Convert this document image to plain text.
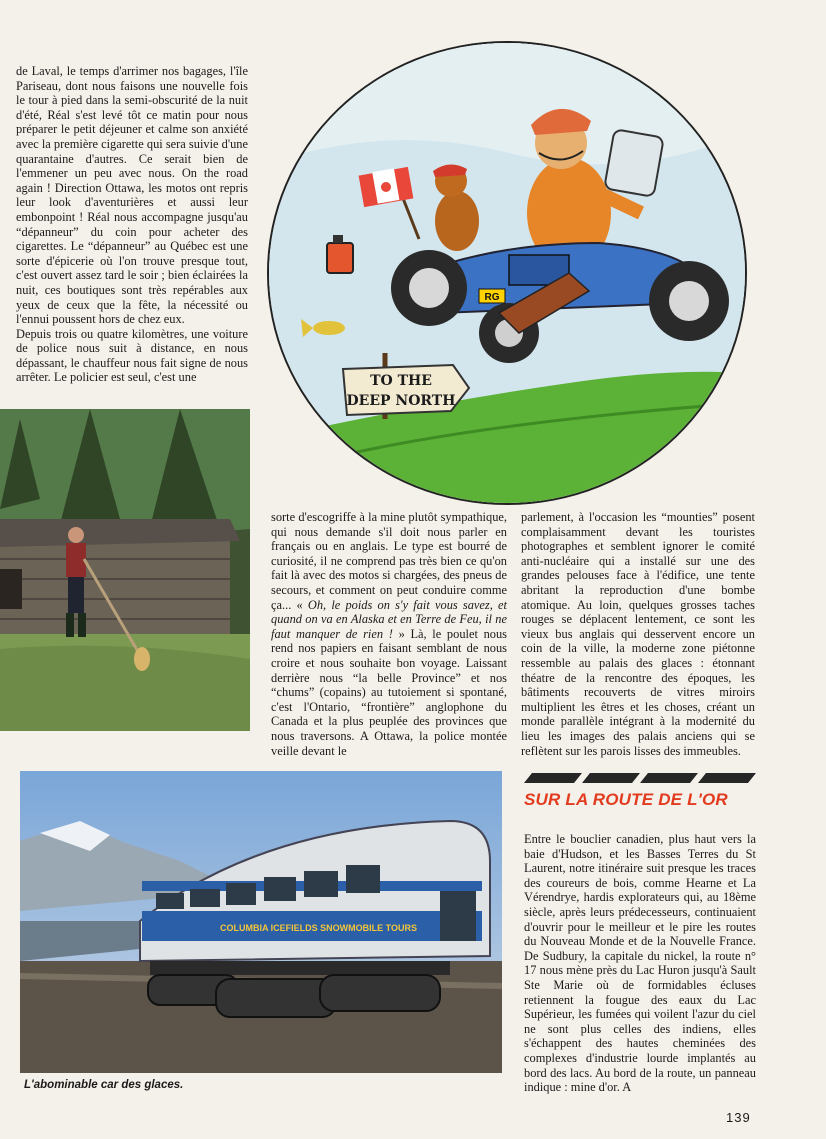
de Laval, le temps d'arrimer nos bagages, l'île Pariseau, dont nous faisons une nouvelle fois le tour à pied dans la semi-obscurité de la nuit d'été, Réal s'est levé tôt ce matin pour nous préparer le petit déjeuner et calme son anxiété avec la première cigarette qui sera suivie d'une quarantaine d'autres. Ce serait bien de l'emmener un peu avec nous. On the road again ! Direction Ottawa, les motos ont repris leur look d'aventurières et aussi leur embonpoint ! Réal nous accompagne jusqu'au “dépanneur” du coin pour acheter des cigarettes. Le “dépanneur” au Québec est une sorte d'épicerie où l'on trouve presque tout, c'est ouvert assez tard le soir ; bien éclairées la nuit, ces boutiques sont très repérables aux yeux de ceux que la fête, la nécessité ou l'ennui poussent hors de chez eux.

Depuis trois ou quatre kilomètres, une voiture de police nous suit à distance, en nous dépassant, le chauffeur nous fait signe de nous arrêter. Le policier est seul, c'est une

RG
TO THE
DEEP NORTH

sorte d'escogriffe à la mine plutôt sympathique, qui nous demande s'il doit nous parler en français ou en anglais. Le type est bourré de curiosité, il ne comprend pas très bien ce qu'on fait là avec des motos si chargées, des pneus de secours, et comment on peut conduire comme ça... « Oh, le poids on s'y fait vous savez, et quand on va en Alaska et en Terre de Feu, il ne faut manquer de rien ! » Là, le poulet nous rend nos papiers en faisant semblant de nous croire et nous souhaite bon voyage. Laissant derrière nous “la belle Province” et nos “chums” (copains) au tutoiement si spontané, c'est l'Ontario, “frontière” anglophone du Canada et la plus peuplée des provinces que nous traversons. A Ottawa, la police montée veille devant le

parlement, à l'occasion les “mounties” posent complaisamment devant les touristes photographes et semblent ignorer le comité anti-nucléaire qui a installé sur une des grandes pelouses face à l'édifice, une tente abritant la reproduction d'une bombe atomique. Au loin, quelques grosses taches rouges se déplacent lentement, ce sont les vieux bus anglais qui desservent encore un coin de la ville, la moderne zone piétonne ressemble au palais des glaces : étonnant théatre de la rencontre des époques, les bâtiments recouverts de vitres miroirs multiplient les êtres et les choses, créant un monde parallèle intégrant à la modernité du lieu les images des palais anciens qui se reflètent sur les parois lisses des immeubles.

COLUMBIA ICEFIELDS SNOWMOBILE TOURS
L'abominable car des glaces.
SUR LA ROUTE DE L'OR

Entre le bouclier canadien, plus haut vers la baie d'Hudson, et les Basses Terres du St Laurent, notre itinéraire suit presque les traces des coureurs de bois, comme Hearne et La Vérendrye, hardis explorateurs qui, au 18ème siècle, après leurs prédecesseurs, continuaient d'ouvrir pour le meilleur et le pire les routes du Nouveau Monde et de la Nouvelle France. De Sudbury, la capitale du nickel, la route n° 17 nous mène près du Lac Huron jusqu'à Sault Ste Marie où de formidables écluses retiennent la fougue des eaux du Lac Supérieur, les fumées qui voilent l'azur du ciel ne sont plus celles des indiens, elles s'échappent des hautes cheminées des complexes d'industrie lourde implantés au bord des lacs. Au bord de la route, un panneau indique : mine d'or. A

139
